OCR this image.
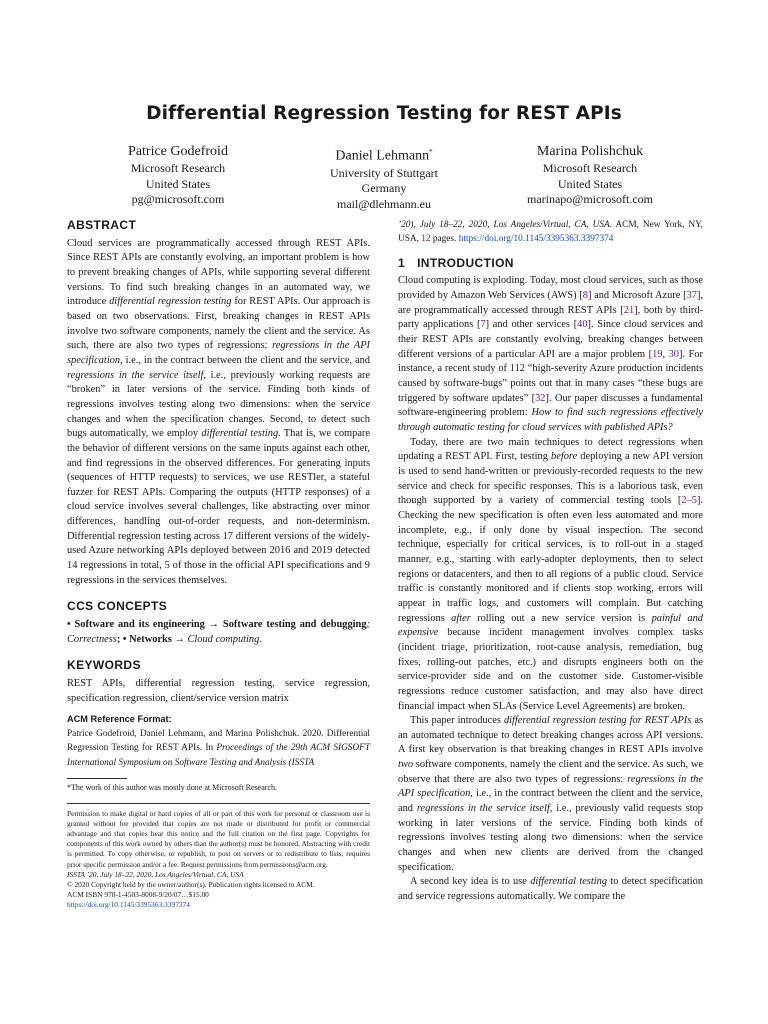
Differential Regression Testing for REST APIs
Patrice Godefroid
Microsoft Research
United States
pg@microsoft.com
Daniel Lehmann*
University of Stuttgart
Germany
mail@dlehmann.eu
Marina Polishchuk
Microsoft Research
United States
marinapo@microsoft.com
ABSTRACT

Cloud services are programmatically accessed through REST APIs. Since REST APIs are constantly evolving, an important problem is how to prevent breaking changes of APIs, while supporting several different versions. To find such breaking changes in an automated way, we introduce differential regression testing for REST APIs. Our approach is based on two observations. First, breaking changes in REST APIs involve two software components, namely the client and the service. As such, there are also two types of regressions: regressions in the API specification, i.e., in the contract between the client and the service, and regressions in the service itself, i.e., previously working requests are “broken” in later versions of the service. Finding both kinds of regressions involves testing along two dimensions: when the service changes and when the specification changes. Second, to detect such bugs automatically, we employ differential testing. That is, we compare the behavior of different versions on the same inputs against each other, and find regressions in the observed differences. For generating inputs (sequences of HTTP requests) to services, we use RESTler, a stateful fuzzer for REST APIs. Comparing the outputs (HTTP responses) of a cloud service involves several challenges, like abstracting over minor differences, handling out-of-order requests, and non-determinism. Differential regression testing across 17 different versions of the widely-used Azure networking APIs deployed between 2016 and 2019 detected 14 regressions in total, 5 of those in the official API specifications and 9 regressions in the services themselves.

CCS CONCEPTS

• Software and its engineering → Software testing and debugging; Correctness; • Networks → Cloud computing.

KEYWORDS

REST APIs, differential regression testing, service regression, specification regression, client/service version matrix

ACM Reference Format:

Patrice Godefroid, Daniel Lehmann, and Marina Polishchuk. 2020. Differential Regression Testing for REST APIs. In Proceedings of the 29th ACM SIGSOFT International Symposium on Software Testing and Analysis (ISSTA

*The work of this author was mostly done at Microsoft Research.
Permission to make digital or hard copies of all or part of this work for personal or classroom use is granted without fee provided that copies are not made or distributed for profit or commercial advantage and that copies bear this notice and the full citation on the first page. Copyrights for components of this work owned by others than the author(s) must be honored. Abstracting with credit is permitted. To copy otherwise, or republish, to post on servers or to redistribute to lists, requires prior specific permission and/or a fee. Request permissions from permissions@acm.org.
ISSTA ’20, July 18–22, 2020, Los Angeles/Virtual, CA, USA
© 2020 Copyright held by the owner/author(s). Publication rights licensed to ACM.
ACM ISBN 978-1-4503-8008-9/20/07…$15.00
https://doi.org/10.1145/3395363.3397374

’20), July 18–22, 2020, Los Angeles/Virtual, CA, USA. ACM, New York, NY, USA, 12 pages. https://doi.org/10.1145/3395363.3397374

1 INTRODUCTION

Cloud computing is exploding. Today, most cloud services, such as those provided by Amazon Web Services (AWS) [8] and Microsoft Azure [37], are programmatically accessed through REST APIs [21], both by third-party applications [7] and other services [40]. Since cloud services and their REST APIs are constantly evolving, breaking changes between different versions of a particular API are a major problem [19, 30]. For instance, a recent study of 112 “high-severity Azure production incidents caused by software-bugs” points out that in many cases “these bugs are triggered by software updates” [32]. Our paper discusses a fundamental software-engineering problem: How to find such regressions effectively through automatic testing for cloud services with published APIs?

Today, there are two main techniques to detect regressions when updating a REST API. First, testing before deploying a new API version is used to send hand-written or previously-recorded requests to the new service and check for specific responses. This is a laborious task, even though supported by a variety of commercial testing tools [2–5]. Checking the new specification is often even less automated and more incomplete, e.g., if only done by visual inspection. The second technique, especially for critical services, is to roll-out in a staged manner, e.g., starting with early-adopter deployments, then to select regions or datacenters, and then to all regions of a public cloud. Service traffic is constantly monitored and if clients stop working, errors will appear in traffic logs, and customers will complain. But catching regressions after rolling out a new service version is painful and expensive because incident management involves complex tasks (incident triage, prioritization, root-cause analysis, remediation, bug fixes, rolling-out patches, etc.) and disrupts engineers both on the service-provider side and on the customer side. Customer-visible regressions reduce customer satisfaction, and may also have direct financial impact when SLAs (Service Level Agreements) are broken.

This paper introduces differential regression testing for REST APIs as an automated technique to detect breaking changes across API versions. A first key observation is that breaking changes in REST APIs involve two software components, namely the client and the service. As such, we observe that there are also two types of regressions: regressions in the API specification, i.e., in the contract between the client and the service, and regressions in the service itself, i.e., previously valid requests stop working in later versions of the service. Finding both kinds of regressions involves testing along two dimensions: when the service changes and when new clients are derived from the changed specification.

A second key idea is to use differential testing to detect specification and service regressions automatically. We compare the
